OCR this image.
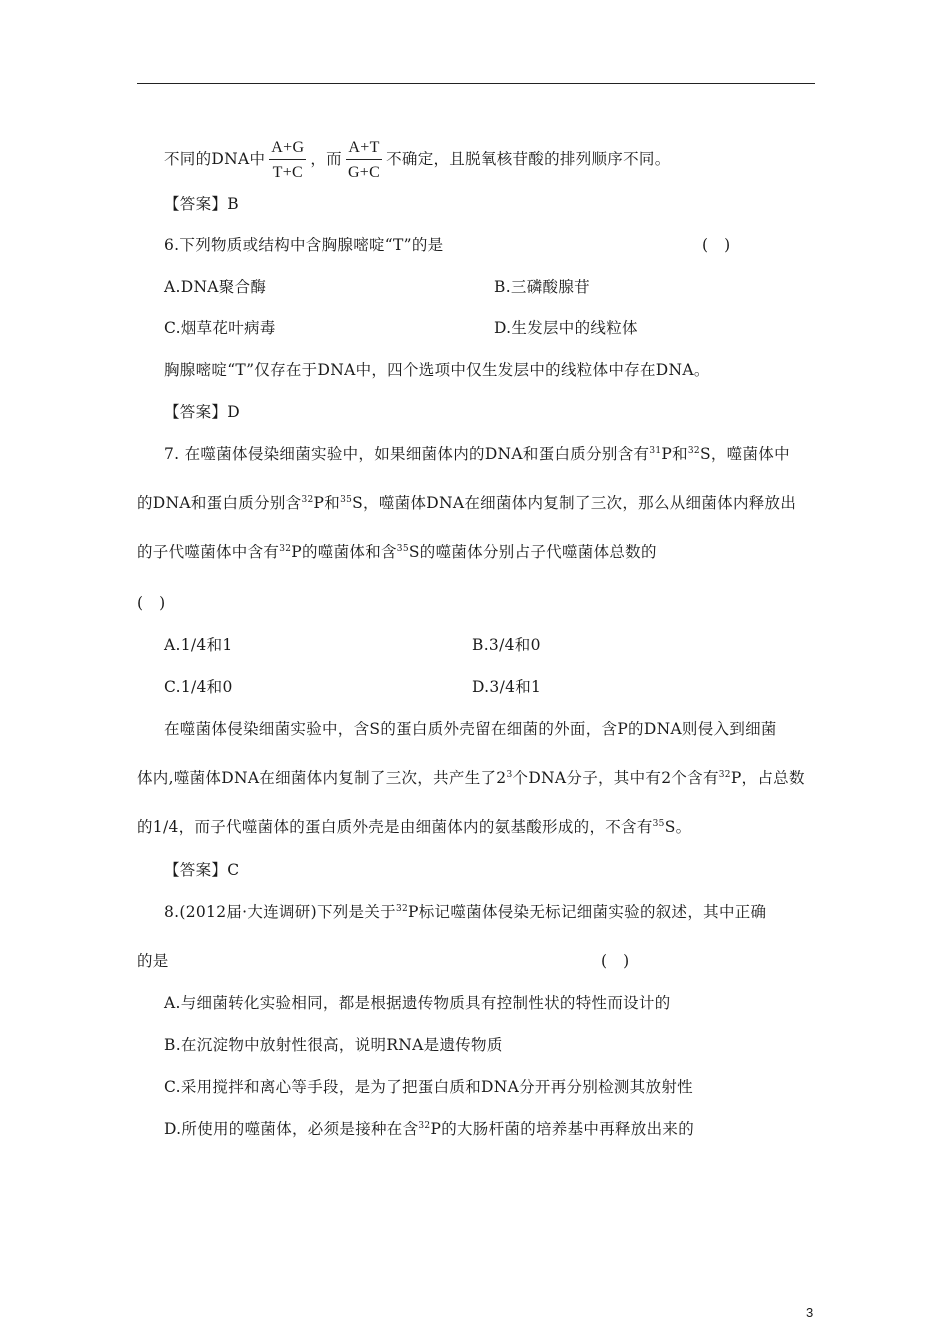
不同的DNA中 $\frac{A+G}{T+C}$ ，而 $\frac{A+T}{G+C}$ 不确定，且脱氧核苷酸的排列顺序不同。
【答案】B
6.下列物质或结构中含胸腺嘧啶“T”的是	(　)
A.DNA聚合酶	B.三磷酸腺苷
C.烟草花叶病毒	D.生发层中的线粒体
胸腺嘧啶“T”仅存在于DNA中，四个选项中仅生发层中的线粒体中存在DNA。
【答案】D
7. 在噬菌体侵染细菌实验中，如果细菌体内的DNA和蛋白质分别含有$^{31}$P和$^{32}$S，噬菌体中
的DNA和蛋白质分别含$^{32}$P和$^{35}$S，噬菌体DNA在细菌体内复制了三次，那么从细菌体内释放出
的子代噬菌体中含有$^{32}$P的噬菌体和含$^{35}$S的噬菌体分别占子代噬菌体总数的
(　)
A.1/4和1	B.3/4和0
C.1/4和0	D.3/4和1
在噬菌体侵染细菌实验中，含S的蛋白质外壳留在细菌的外面，含P的DNA则侵入到细菌
体内,噬菌体DNA在细菌体内复制了三次，共产生了$2^3$个DNA分子，其中有2个含有$^{32}$P，占总数
的1/4，而子代噬菌体的蛋白质外壳是由细菌体内的氨基酸形成的，不含有$^{35}$S。
【答案】C
8.(2012届·大连调研)下列是关于$^{32}$P标记噬菌体侵染无标记细菌实验的叙述，其中正确
的是	(　)
A.与细菌转化实验相同，都是根据遗传物质具有控制性状的特性而设计的
B.在沉淀物中放射性很高，说明RNA是遗传物质
C.采用搅拌和离心等手段，是为了把蛋白质和DNA分开再分别检测其放射性
D.所使用的噬菌体，必须是接种在含$^{32}$P的大肠杆菌的培养基中再释放出来的
3
